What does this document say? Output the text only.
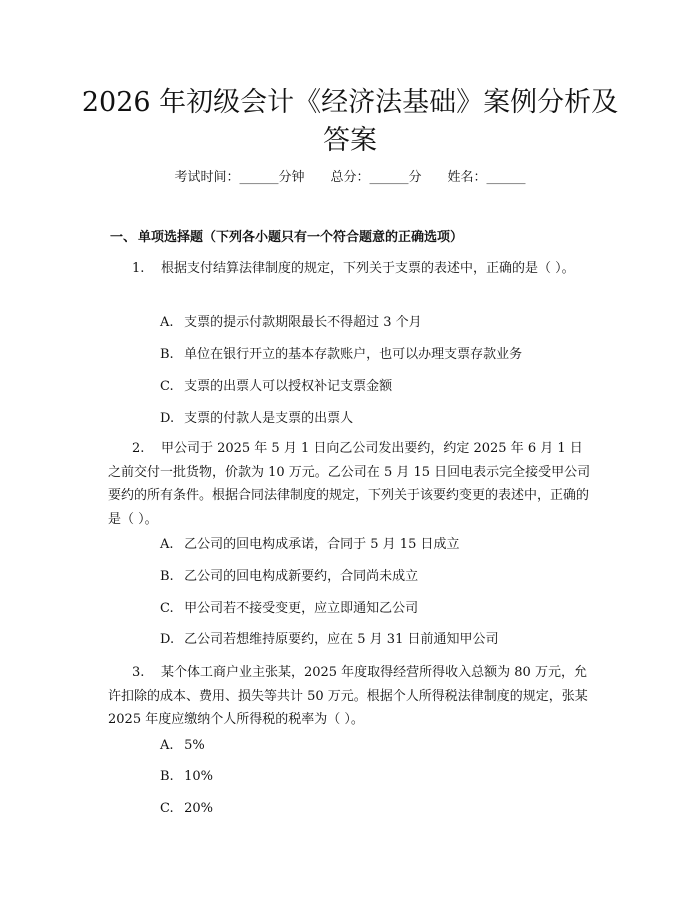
2026 年初级会计《经济法基础》案例分析及
答案
考试时间：______分钟 总分：______分 姓名：______
一、 单项选择题（下列各小题只有一个符合题意的正确选项）

1. 根据支付结算法律制度的规定，下列关于支票的表述中，正确的是（ ）。

A. 支票的提示付款期限最长不得超过 3 个月
B. 单位在银行开立的基本存款账户，也可以办理支票存款业务
C. 支票的出票人可以授权补记支票金额
D. 支票的付款人是支票的出票人

2. 甲公司于 2025 年 5 月 1 日向乙公司发出要约，约定 2025 年 6 月 1 日之前交付一批货物，价款为 10 万元。乙公司在 5 月 15 日回电表示完全接受甲公司要约的所有条件。根据合同法律制度的规定，下列关于该要约变更的表述中，正确的是（ ）。

A. 乙公司的回电构成承诺，合同于 5 月 15 日成立
B. 乙公司的回电构成新要约，合同尚未成立
C. 甲公司若不接受变更，应立即通知乙公司
D. 乙公司若想维持原要约，应在 5 月 31 日前通知甲公司

3. 某个体工商户业主张某，2025 年度取得经营所得收入总额为 80 万元，允许扣除的成本、费用、损失等共计 50 万元。根据个人所得税法律制度的规定，张某 2025 年度应缴纳个人所得税的税率为（ ）。

A. 5%
B. 10%
C. 20%
